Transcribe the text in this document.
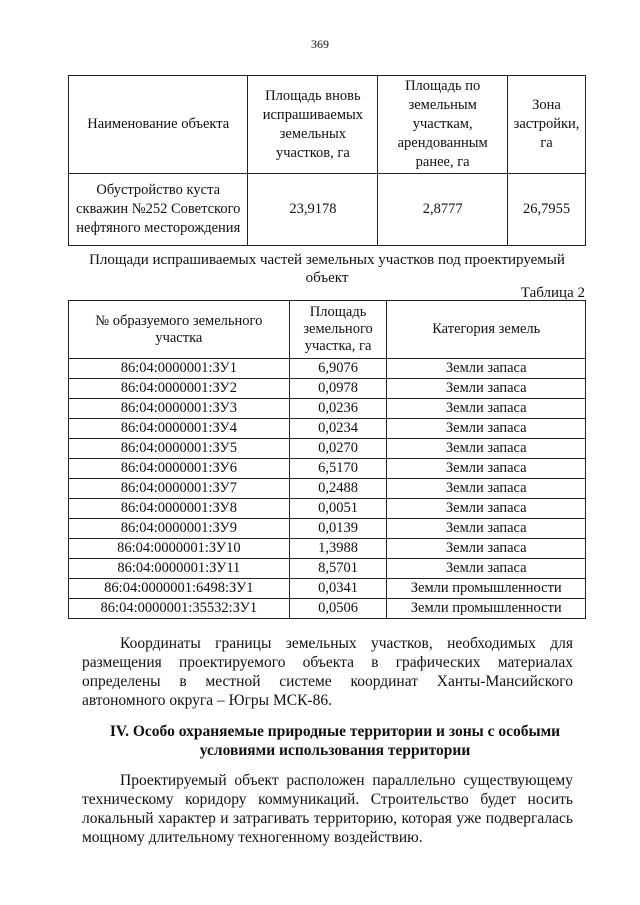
369
Наименование объекта	Площадь вновь испрашиваемых земельных участков, га	Площадь по земельным участкам, арендованным ранее, га	Зона застройки, га
Обустройство куста скважин №252 Советского нефтяного месторождения	23,9178	2,8777	26,7955
Площади испрашиваемых частей земельных участков под проектируемый объект
Таблица 2
№ образуемого земельного участка	Площадь земельного участка, га	Категория земель
86:04:0000001:ЗУ1	6,9076	Земли запаса
86:04:0000001:ЗУ2	0,0978	Земли запаса
86:04:0000001:ЗУ3	0,0236	Земли запаса
86:04:0000001:ЗУ4	0,0234	Земли запаса
86:04:0000001:ЗУ5	0,0270	Земли запаса
86:04:0000001:ЗУ6	6,5170	Земли запаса
86:04:0000001:ЗУ7	0,2488	Земли запаса
86:04:0000001:ЗУ8	0,0051	Земли запаса
86:04:0000001:ЗУ9	0,0139	Земли запаса
86:04:0000001:ЗУ10	1,3988	Земли запаса
86:04:0000001:ЗУ11	8,5701	Земли запаса
86:04:0000001:6498:ЗУ1	0,0341	Земли промышленности
86:04:0000001:35532:ЗУ1	0,0506	Земли промышленности
Координаты границы земельных участков, необходимых для размещения проектируемого объекта в графических материалах определены в местной системе координат Ханты-Мансийского автономного округа – Югры МСК-86.
IV. Особо охраняемые природные территории и зоны с особыми условиями использования территории
Проектируемый объект расположен параллельно существующему техническому коридору коммуникаций. Строительство будет носить локальный характер и затрагивать территорию, которая уже подвергалась мощному длительному техногенному воздействию.
